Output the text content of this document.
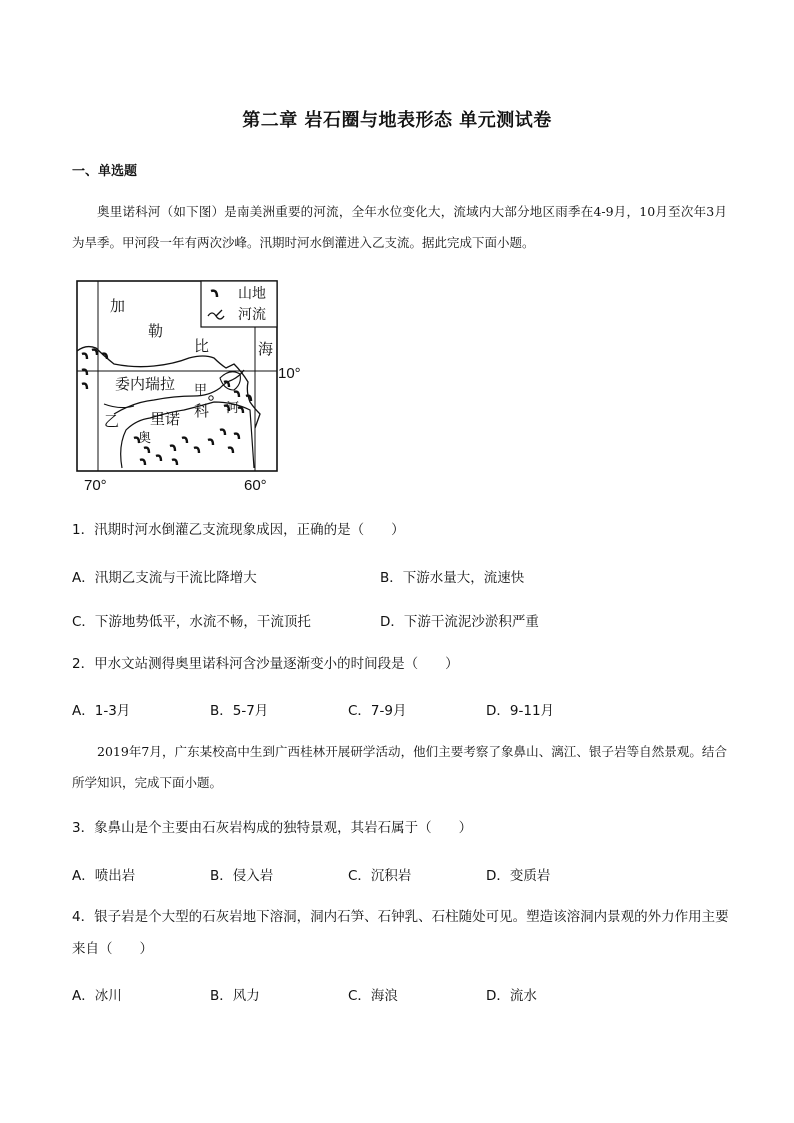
第二章 岩石圈与地表形态 单元测试卷
一、单选题
奥里诺科河（如下图）是南美洲重要的河流，全年水位变化大，流域内大部分地区雨季在4-9月，10月至次年3月为旱季。甲河段一年有两次沙峰。汛期时河水倒灌进入乙支流。据此完成下面小题。
加
勒
比	海
委内瑞拉 甲
乙 里诺 科
奥
河
山地
河流
10°
70°	60°
1．汛期时河水倒灌乙支流现象成因，正确的是（　　）
A．汛期乙支流与干流比降增大	B．下游水量大，流速快
C．下游地势低平，水流不畅，干流顶托	D．下游干流泥沙淤积严重
2．甲水文站测得奥里诺科河含沙量逐渐变小的时间段是（　　）
A．1-3月	B．5-7月	C．7-9月	D．9-11月
2019年7月，广东某校高中生到广西桂林开展研学活动，他们主要考察了象鼻山、漓江、银子岩等自然景观。结合所学知识，完成下面小题。
3．象鼻山是个主要由石灰岩构成的独特景观，其岩石属于（　　）
A．喷出岩	B．侵入岩	C．沉积岩	D．变质岩
4．银子岩是个大型的石灰岩地下溶洞，洞内石笋、石钟乳、石柱随处可见。塑造该溶洞内景观的外力作用主要来自（　　）
A．冰川	B．风力	C．海浪	D．流水
